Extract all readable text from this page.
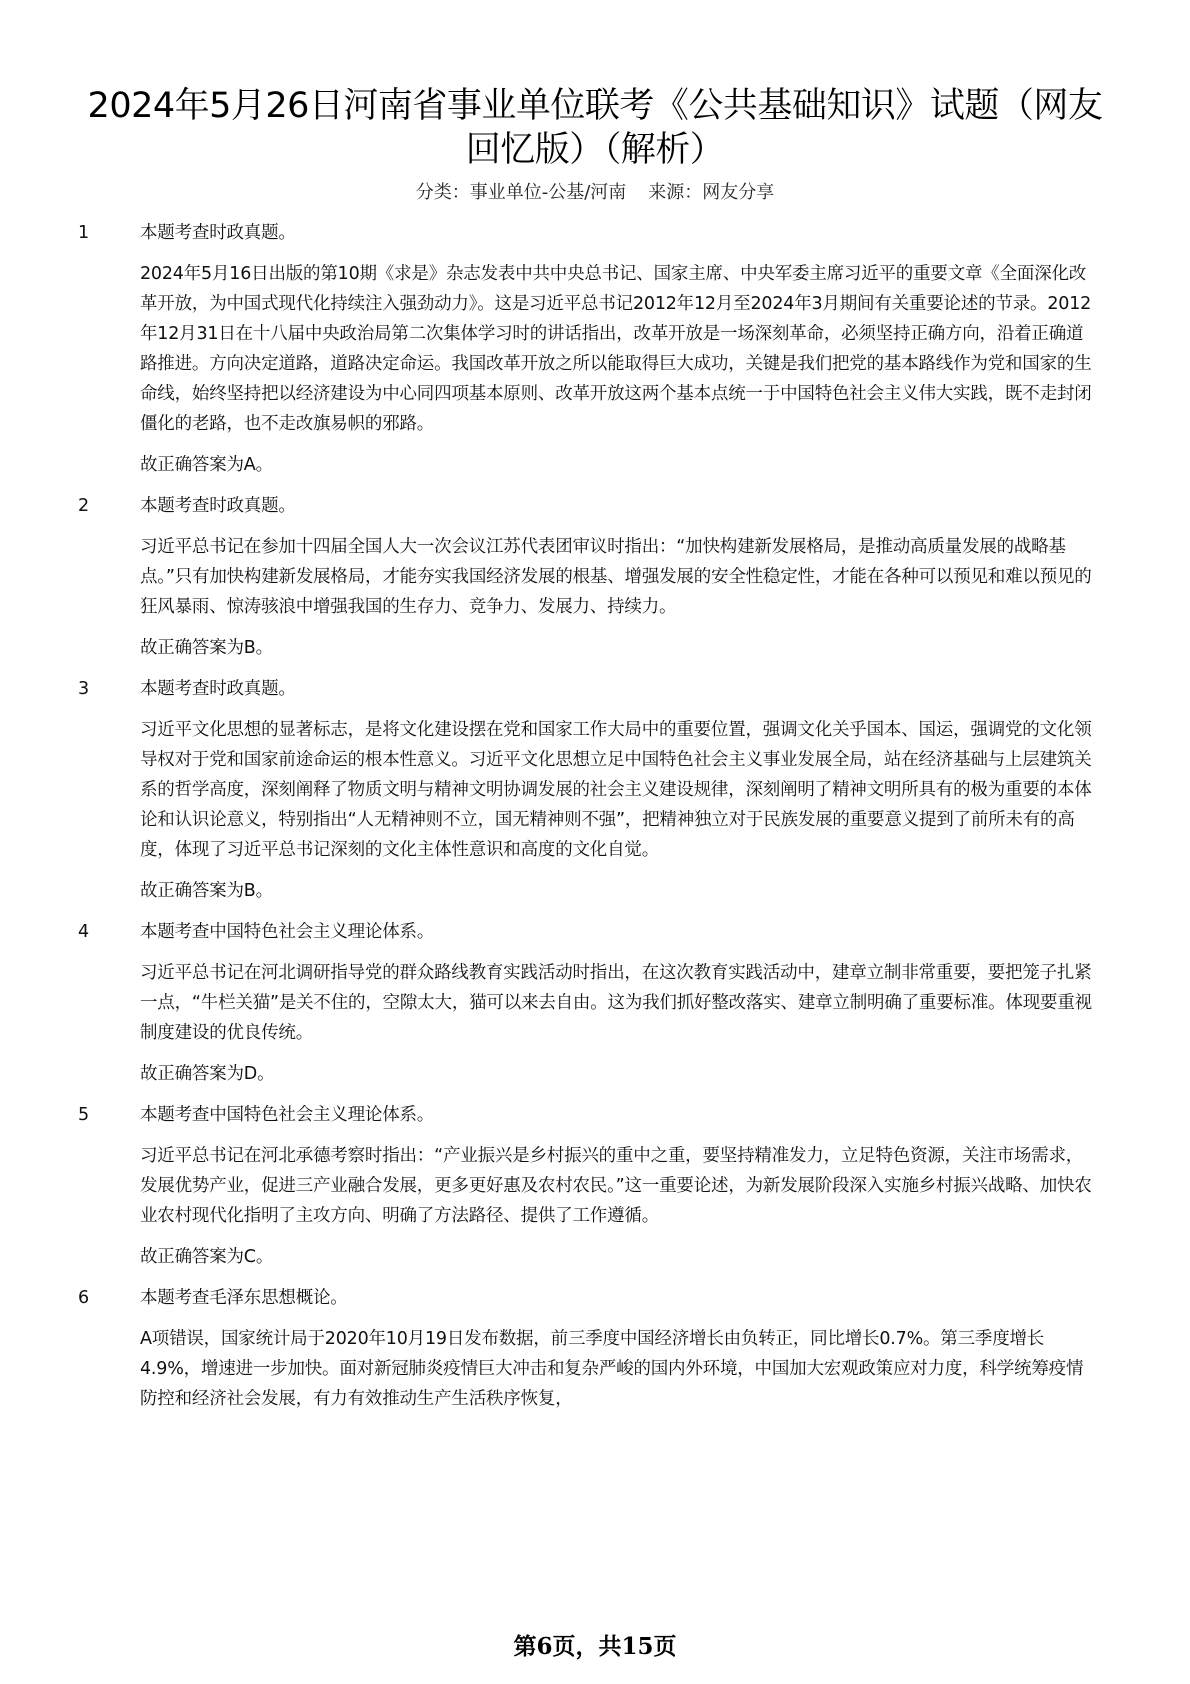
2024年5月26日河南省事业单位联考《公共基础知识》试题（网友回忆版）（解析）
分类：事业单位-公基/河南 来源：网友分享
1	本题考查时政真题。
2024年5月16日出版的第10期《求是》杂志发表中共中央总书记、国家主席、中央军委主席习近平的重要文章《全面深化改革开放，为中国式现代化持续注入强劲动力》。这是习近平总书记2012年12月至2024年3月期间有关重要论述的节录。2012年12月31日在十八届中央政治局第二次集体学习时的讲话指出，改革开放是一场深刻革命，必须坚持正确方向，沿着正确道路推进。方向决定道路，道路决定命运。我国改革开放之所以能取得巨大成功，关键是我们把党的基本路线作为党和国家的生命线，始终坚持把以经济建设为中心同四项基本原则、改革开放这两个基本点统一于中国特色社会主义伟大实践，既不走封闭僵化的老路，也不走改旗易帜的邪路。
故正确答案为A。
2	本题考查时政真题。
习近平总书记在参加十四届全国人大一次会议江苏代表团审议时指出：“加快构建新发展格局，是推动高质量发展的战略基点。”只有加快构建新发展格局，才能夯实我国经济发展的根基、增强发展的安全性稳定性，才能在各种可以预见和难以预见的狂风暴雨、惊涛骇浪中增强我国的生存力、竞争力、发展力、持续力。
故正确答案为B。
3	本题考查时政真题。
习近平文化思想的显著标志，是将文化建设摆在党和国家工作大局中的重要位置，强调文化关乎国本、国运，强调党的文化领导权对于党和国家前途命运的根本性意义。习近平文化思想立足中国特色社会主义事业发展全局，站在经济基础与上层建筑关系的哲学高度，深刻阐释了物质文明与精神文明协调发展的社会主义建设规律，深刻阐明了精神文明所具有的极为重要的本体论和认识论意义，特别指出“人无精神则不立，国无精神则不强”，把精神独立对于民族发展的重要意义提到了前所未有的高度，体现了习近平总书记深刻的文化主体性意识和高度的文化自觉。
故正确答案为B。
4	本题考查中国特色社会主义理论体系。
习近平总书记在河北调研指导党的群众路线教育实践活动时指出，在这次教育实践活动中，建章立制非常重要，要把笼子扎紧一点，“牛栏关猫”是关不住的，空隙太大，猫可以来去自由。这为我们抓好整改落实、建章立制明确了重要标准。体现要重视制度建设的优良传统。
故正确答案为D。
5	本题考查中国特色社会主义理论体系。
习近平总书记在河北承德考察时指出：“产业振兴是乡村振兴的重中之重，要坚持精准发力，立足特色资源，关注市场需求，发展优势产业，促进三产业融合发展，更多更好惠及农村农民。”这一重要论述，为新发展阶段深入实施乡村振兴战略、加快农业农村现代化指明了主攻方向、明确了方法路径、提供了工作遵循。
故正确答案为C。
6	本题考查毛泽东思想概论。
A项错误，国家统计局于2020年10月19日发布数据，前三季度中国经济增长由负转正，同比增长0.7%。第三季度增长4.9%，增速进一步加快。面对新冠肺炎疫情巨大冲击和复杂严峻的国内外环境，中国加大宏观政策应对力度，科学统筹疫情防控和经济社会发展，有力有效推动生产生活秩序恢复，
第6页，共15页
